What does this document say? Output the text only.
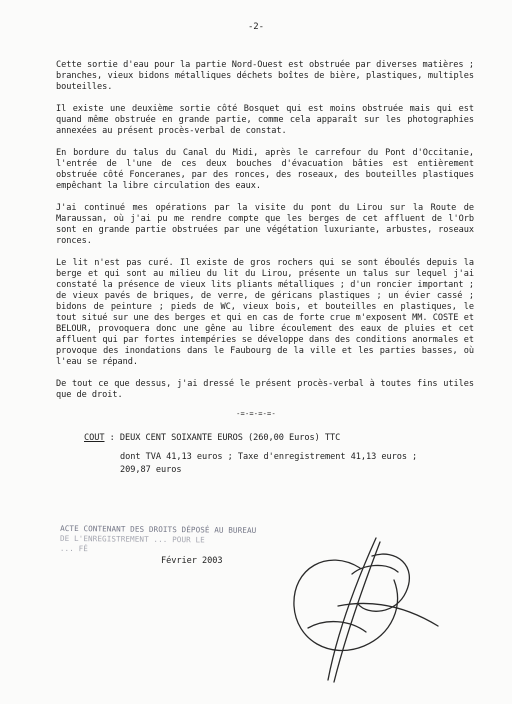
-2-

Cette sortie d'eau pour la partie Nord-Ouest est obstruée par diverses matières ; branches, vieux bidons métalliques déchets boîtes de bière, plastiques, multiples bouteilles.

Il existe une deuxième sortie côté Bosquet qui est moins obstruée mais qui est quand même obstruée en grande partie, comme cela apparaît sur les photographies annexées au présent procès-verbal de constat.

En bordure du talus du Canal du Midi, après le carrefour du Pont d'Occitanie, l'entrée de l'une de ces deux bouches d'évacuation bâties est entièrement obstruée côté Fonceranes, par des ronces, des roseaux, des bouteilles plastiques empêchant la libre circulation des eaux.

J'ai continué mes opérations par la visite du pont du Lirou sur la Route de Maraussan, où j'ai pu me rendre compte que les berges de cet affluent de l'Orb sont en grande partie obstruées par une végétation luxuriante, arbustes, roseaux ronces.

Le lit n'est pas curé. Il existe de gros rochers qui se sont éboulés depuis la berge et qui sont au milieu du lit du Lirou, présente un talus sur lequel j'ai constaté la présence de vieux lits pliants métalliques ; d'un roncier important ; de vieux pavés de briques, de verre, de géricans plastiques ; un évier cassé ; bidons de peinture ; pieds de WC, vieux bois, et bouteilles en plastiques, le tout situé sur une des berges et qui en cas de forte crue m'exposent MM. COSTE et BELOUR, provoquera donc une gêne au libre écoulement des eaux de pluies et cet affluent qui par fortes intempéries se développe dans des conditions anormales et provoque des inondations dans le Faubourg de la ville et les parties basses, où l'eau se répand.

De tout ce que dessus, j'ai dressé le présent procès-verbal à toutes fins utiles que de droit.

-=-=-=-=-

COUT : DEUX CENT SOIXANTE EUROS (260,00 Euros) TTC

dont TVA 41,13 euros ; Taxe d'enregistrement 41,13 euros ;

209,87 euros

ACTE CONTENANT DES DROITS DÉPOSÉ AU BUREAU
DE L'ENREGISTREMENT ... POUR LE
... FÉ
Février 2003
